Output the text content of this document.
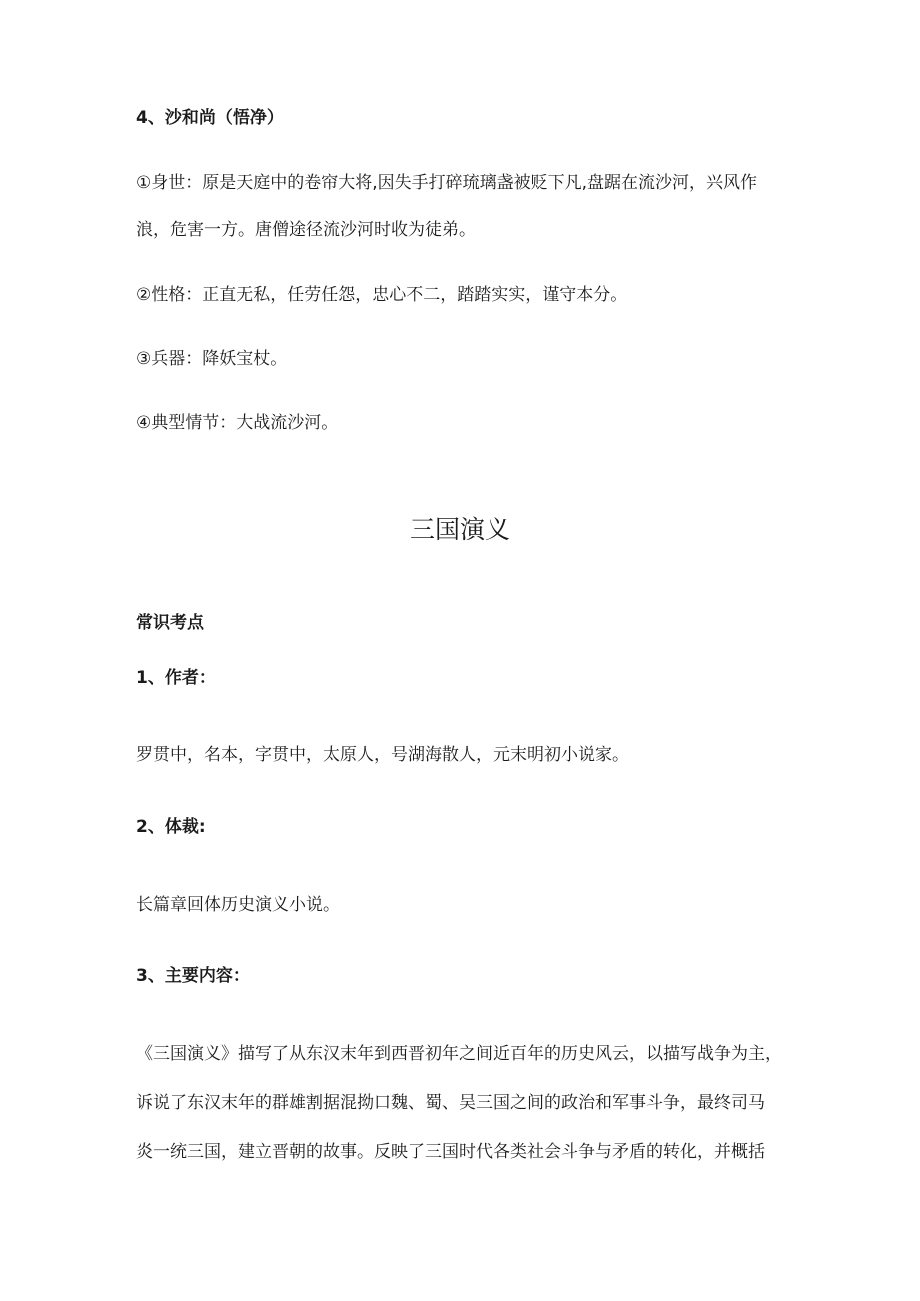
4、沙和尚（悟净）

①身世：原是天庭中的卷帘大将,因失手打碎琉璃盏被贬下凡,盘踞在流沙河，兴风作

浪，危害一方。唐僧途径流沙河时收为徒弟。

②性格：正直无私，任劳任怨，忠心不二，踏踏实实，谨守本分。

③兵器：降妖宝杖。

④典型情节：大战流沙河。

三国演义
常识考点
1、作者：

罗贯中，名本，字贯中，太原人，号湖海散人，元末明初小说家。

2、体裁:

长篇章回体历史演义小说。

3、主要内容：

《三国演义》描写了从东汉末年到西晋初年之间近百年的历史风云，以描写战争为主，

诉说了东汉末年的群雄割据混拗口魏、蜀、吴三国之间的政治和军事斗争，最终司马

炎一统三国，建立晋朝的故事。反映了三国时代各类社会斗争与矛盾的转化，并概括
